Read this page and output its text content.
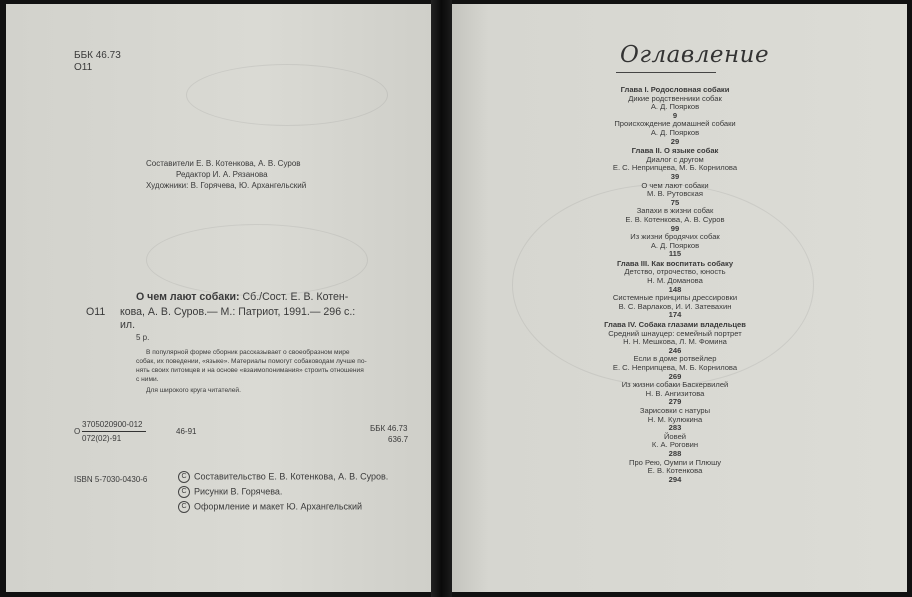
ББК 46.73
О11
Составители Е. В. Котенкова, А. В. Суров
Редактор И. А. Рязанова
Художники: В. Горячева, Ю. Архангельский
О чем лают собаки: Сб./Сост. Е. В. Котен-
О11 кова, А. В. Суров.— М.: Патриот, 1991.— 296 с.:
ил.
5 р.
В популярной форме сборник рассказывает о своеобразном мире
собак, их поведении, «языке». Материалы помогут собаководам лучше по-
нять своих питомцев и на основе «взаимопонимания» строить отношения
с ними.
Для широкого круга читателей.
О
3705020900-012
072(02)-91
46-91	ББК 46.73
636.7
ISBN 5-7030-0430-6	С Составительство Е. В. Котенкова, А. В. Суров.
С Рисунки В. Горячева.
С Оформление и макет Ю. Архангельский
Оглавление
Глава I. Родословная собаки
Дикие родственники собак
А. Д. Поярков
9
Происхождение домашней собаки
А. Д. Поярков
29
Глава II. О языке собак
Диалог с другом
Е. С. Неприпцева, М. Б. Корнилова
39
О чем лают собаки
М. В. Рутовская
75
Запахи в жизни собак
Е. В. Котенкова, А. В. Суров
99
Из жизни бродячих собак
А. Д. Поярков
115
Глава III. Как воспитать собаку
Детство, отрочество, юность
Н. М. Доманова
148
Системные принципы дрессировки
В. С. Варлаков, И. И. Затевахин
174
Глава IV. Собака глазами владельцев
Средний шнауцер: семейный портрет
Н. Н. Мешкова, Л. М. Фомина
246
Если в доме ротвейлер
Е. С. Неприпцева, М. Б. Корнилова
269
Из жизни собаки Баскервилей
Н. В. Ангизитова
279
Зарисовки с натуры
Н. М. Кулюкина
283
Йовей
К. А. Роговин
288
Про Рею, Оумпи и Плюшу
Е. В. Котенкова
294
